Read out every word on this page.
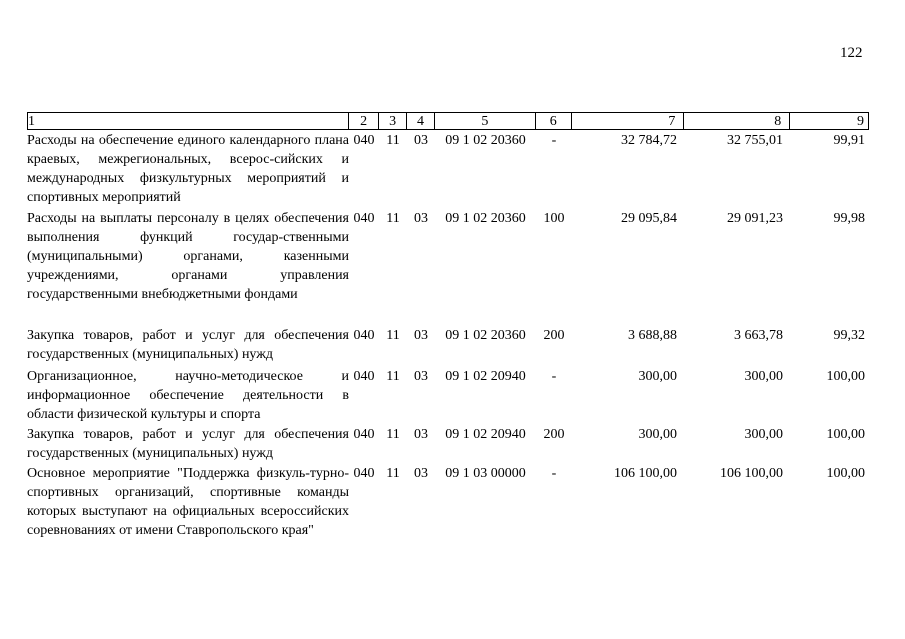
122
1	2	3	4	5	6	7	8	9
Расходы на обеспечение единого календарного плана краевых, межрегиональных, всерос-сийских и международных физкультурных мероприятий и спортивных мероприятий
040 11	03	09 1 02 20360	-	32 784,72	32 755,01	99,91
Расходы на выплаты персоналу в целях обеспечения выполнения функций государ-ственными (муниципальными) органами, казенными учреждениями, органами управления государственными внебюджетными фондами
040 11	03	09 1 02 20360	100	29 095,84	29 091,23	99,98
Закупка товаров, работ и услуг для обеспечения государственных (муниципальных) нужд
040 11	03	09 1 02 20360	200	3 688,88	3 663,78	99,32
Организационное, научно-методическое и информационное обеспечение деятельности в области физической культуры и спорта
040 11	03	09 1 02 20940	-	300,00	300,00	100,00
Закупка товаров, работ и услуг для обеспечения государственных (муниципальных) нужд
040 11	03	09 1 02 20940	200	300,00	300,00	100,00
Основное мероприятие "Поддержка физкуль-турно-спортивных организаций, спортивные команды которых выступают на официальных всероссийских соревнованиях от имени Ставропольского края"
040 11	03	09 1 03 00000	-	106 100,00	106 100,00	100,00
